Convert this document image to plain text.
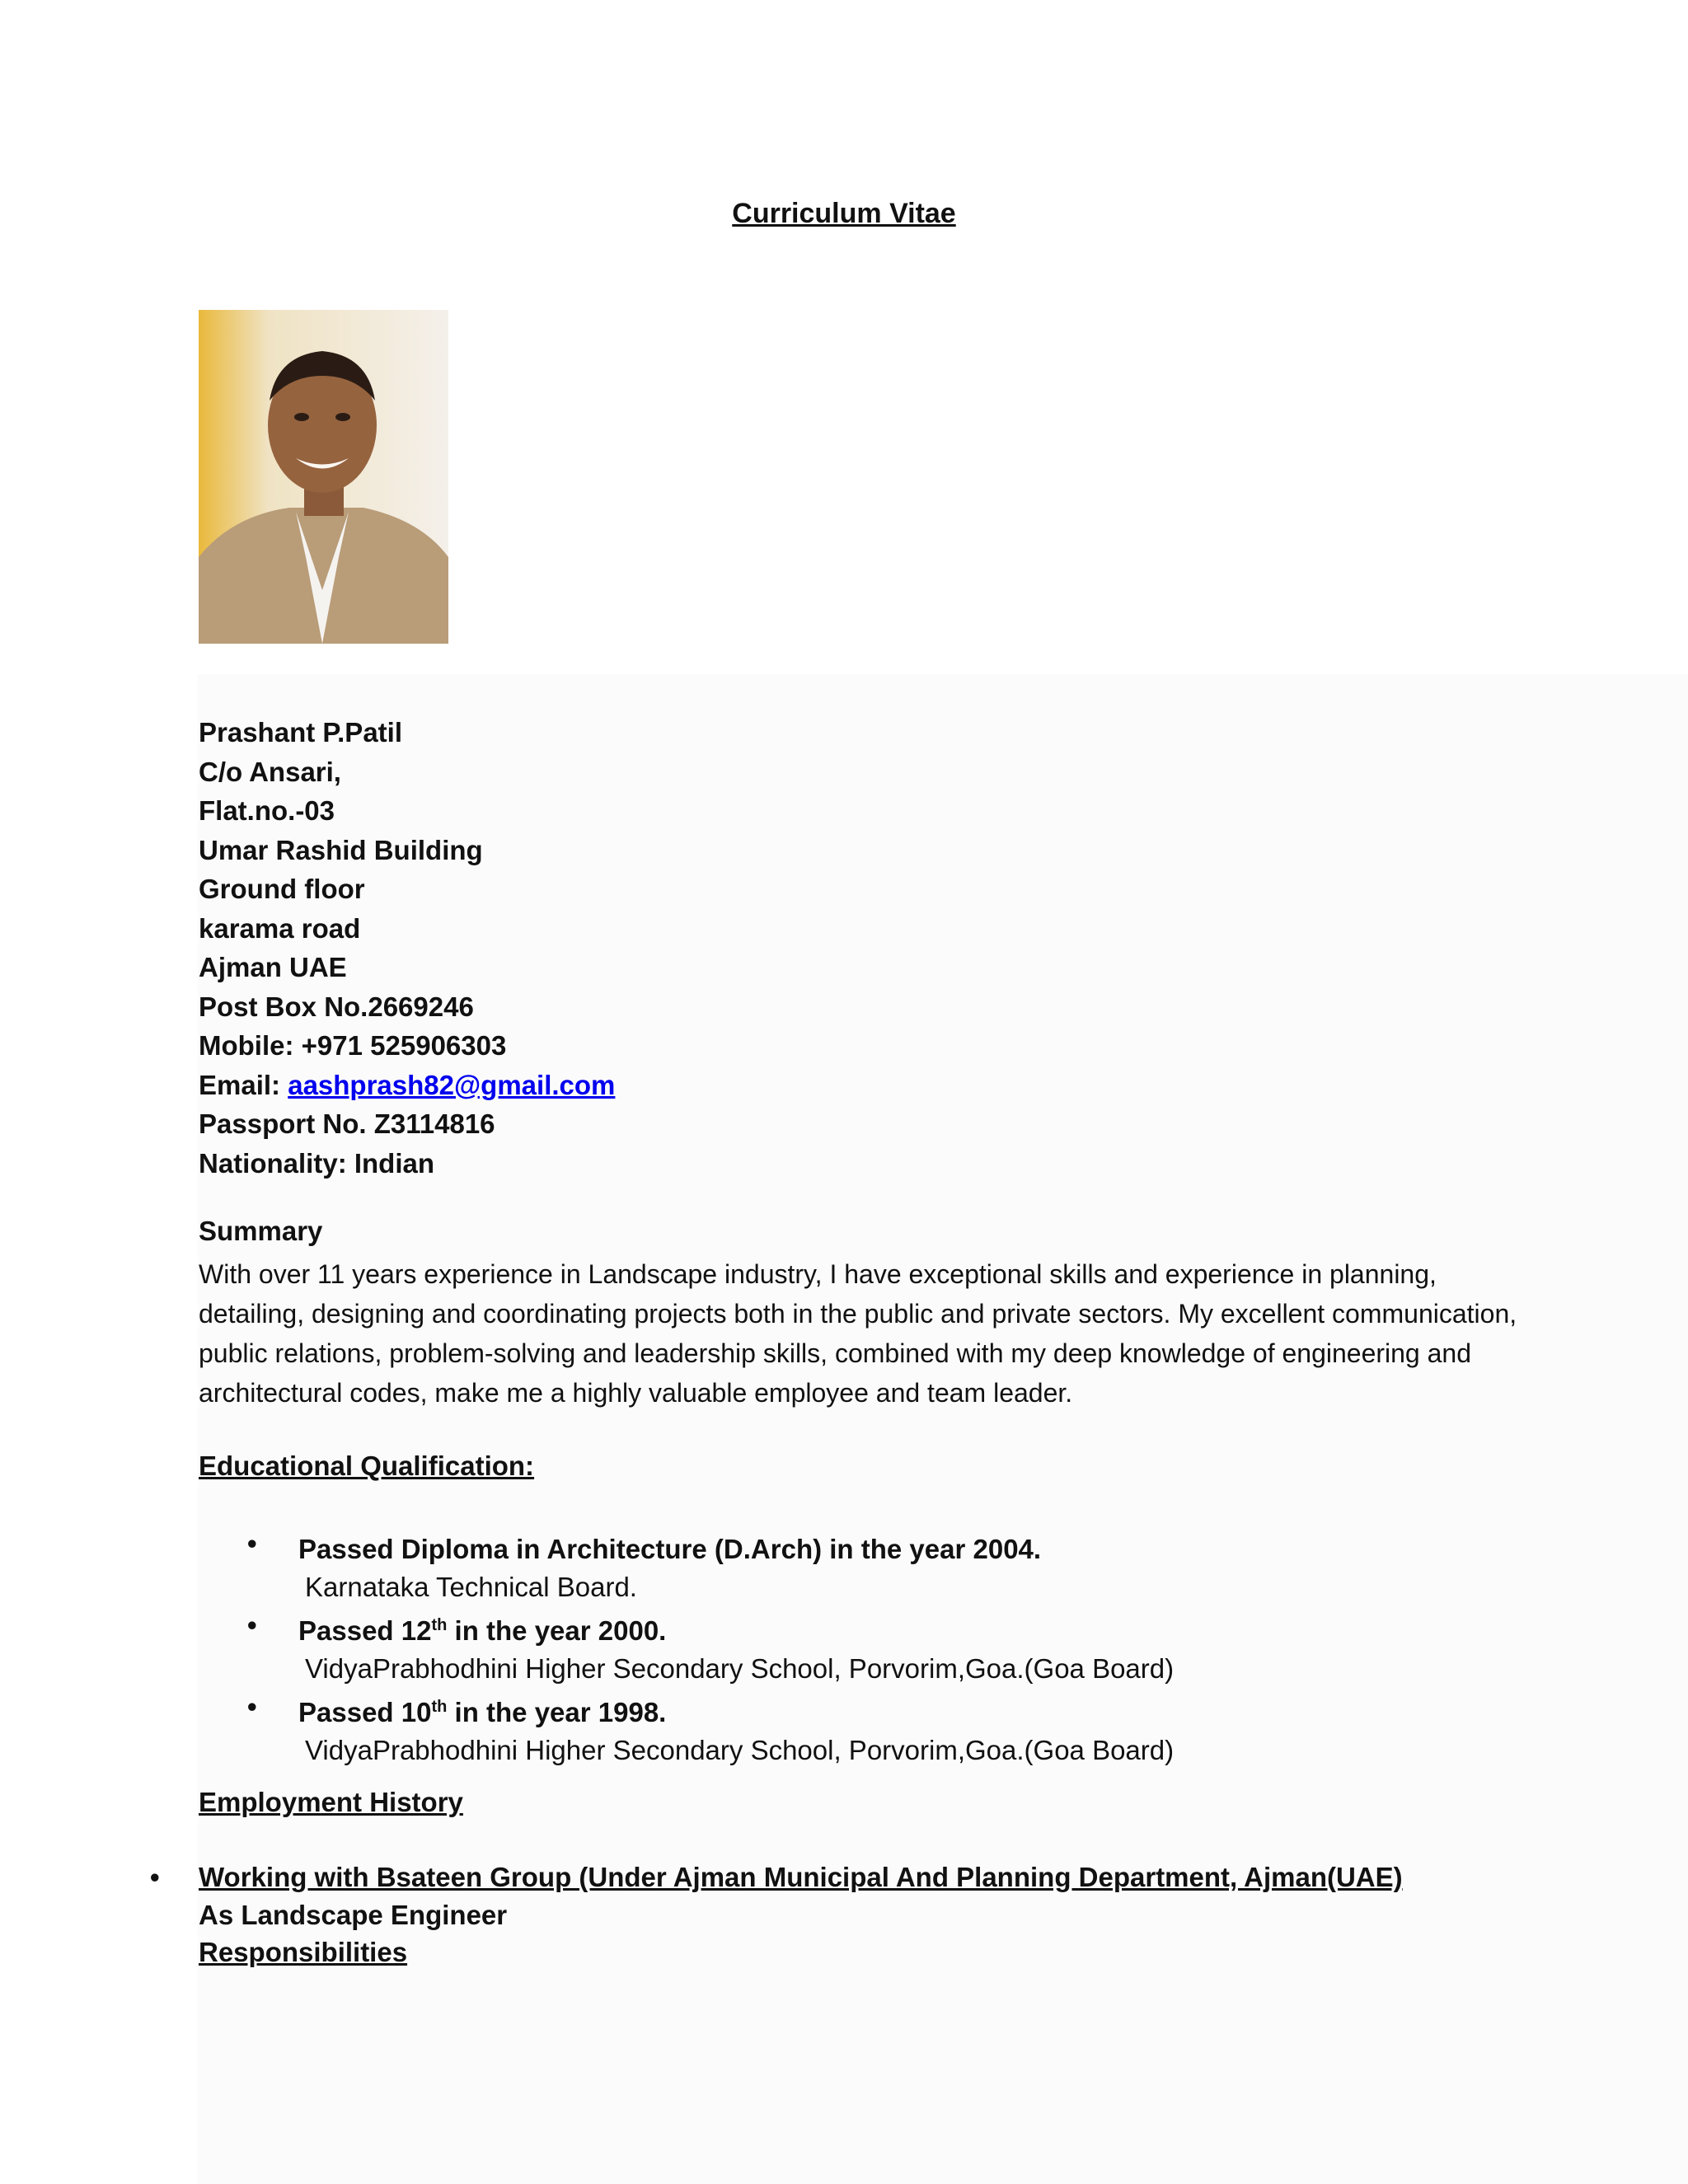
Curriculum Vitae
Prashant P.Patil
C/o Ansari,
Flat.no.-03
Umar Rashid Building
Ground floor
karama road
Ajman UAE
Post Box No.2669246
Mobile: +971 525906303
Email: aashprash82@gmail.com
Passport No. Z3114816
Nationality: Indian
Summary
With over 11 years experience in Landscape industry, I have exceptional skills and experience in planning, detailing, designing and coordinating projects both in the public and private sectors. My excellent communication, public relations, problem-solving and leadership skills, combined with my deep knowledge of engineering and architectural codes, make me a highly valuable employee and team leader.
Educational Qualification:
• Passed Diploma in Architecture (D.Arch) in the year 2004.
Karnataka Technical Board.
• Passed 12th in the year 2000.
VidyaPrabhodhini Higher Secondary School, Porvorim,Goa.(Goa Board)
• Passed 10th in the year 1998.
VidyaPrabhodhini Higher Secondary School, Porvorim,Goa.(Goa Board)
Employment History
• Working with Bsateen Group (Under Ajman Municipal And Planning Department, Ajman(UAE)
As Landscape Engineer
Responsibilities
